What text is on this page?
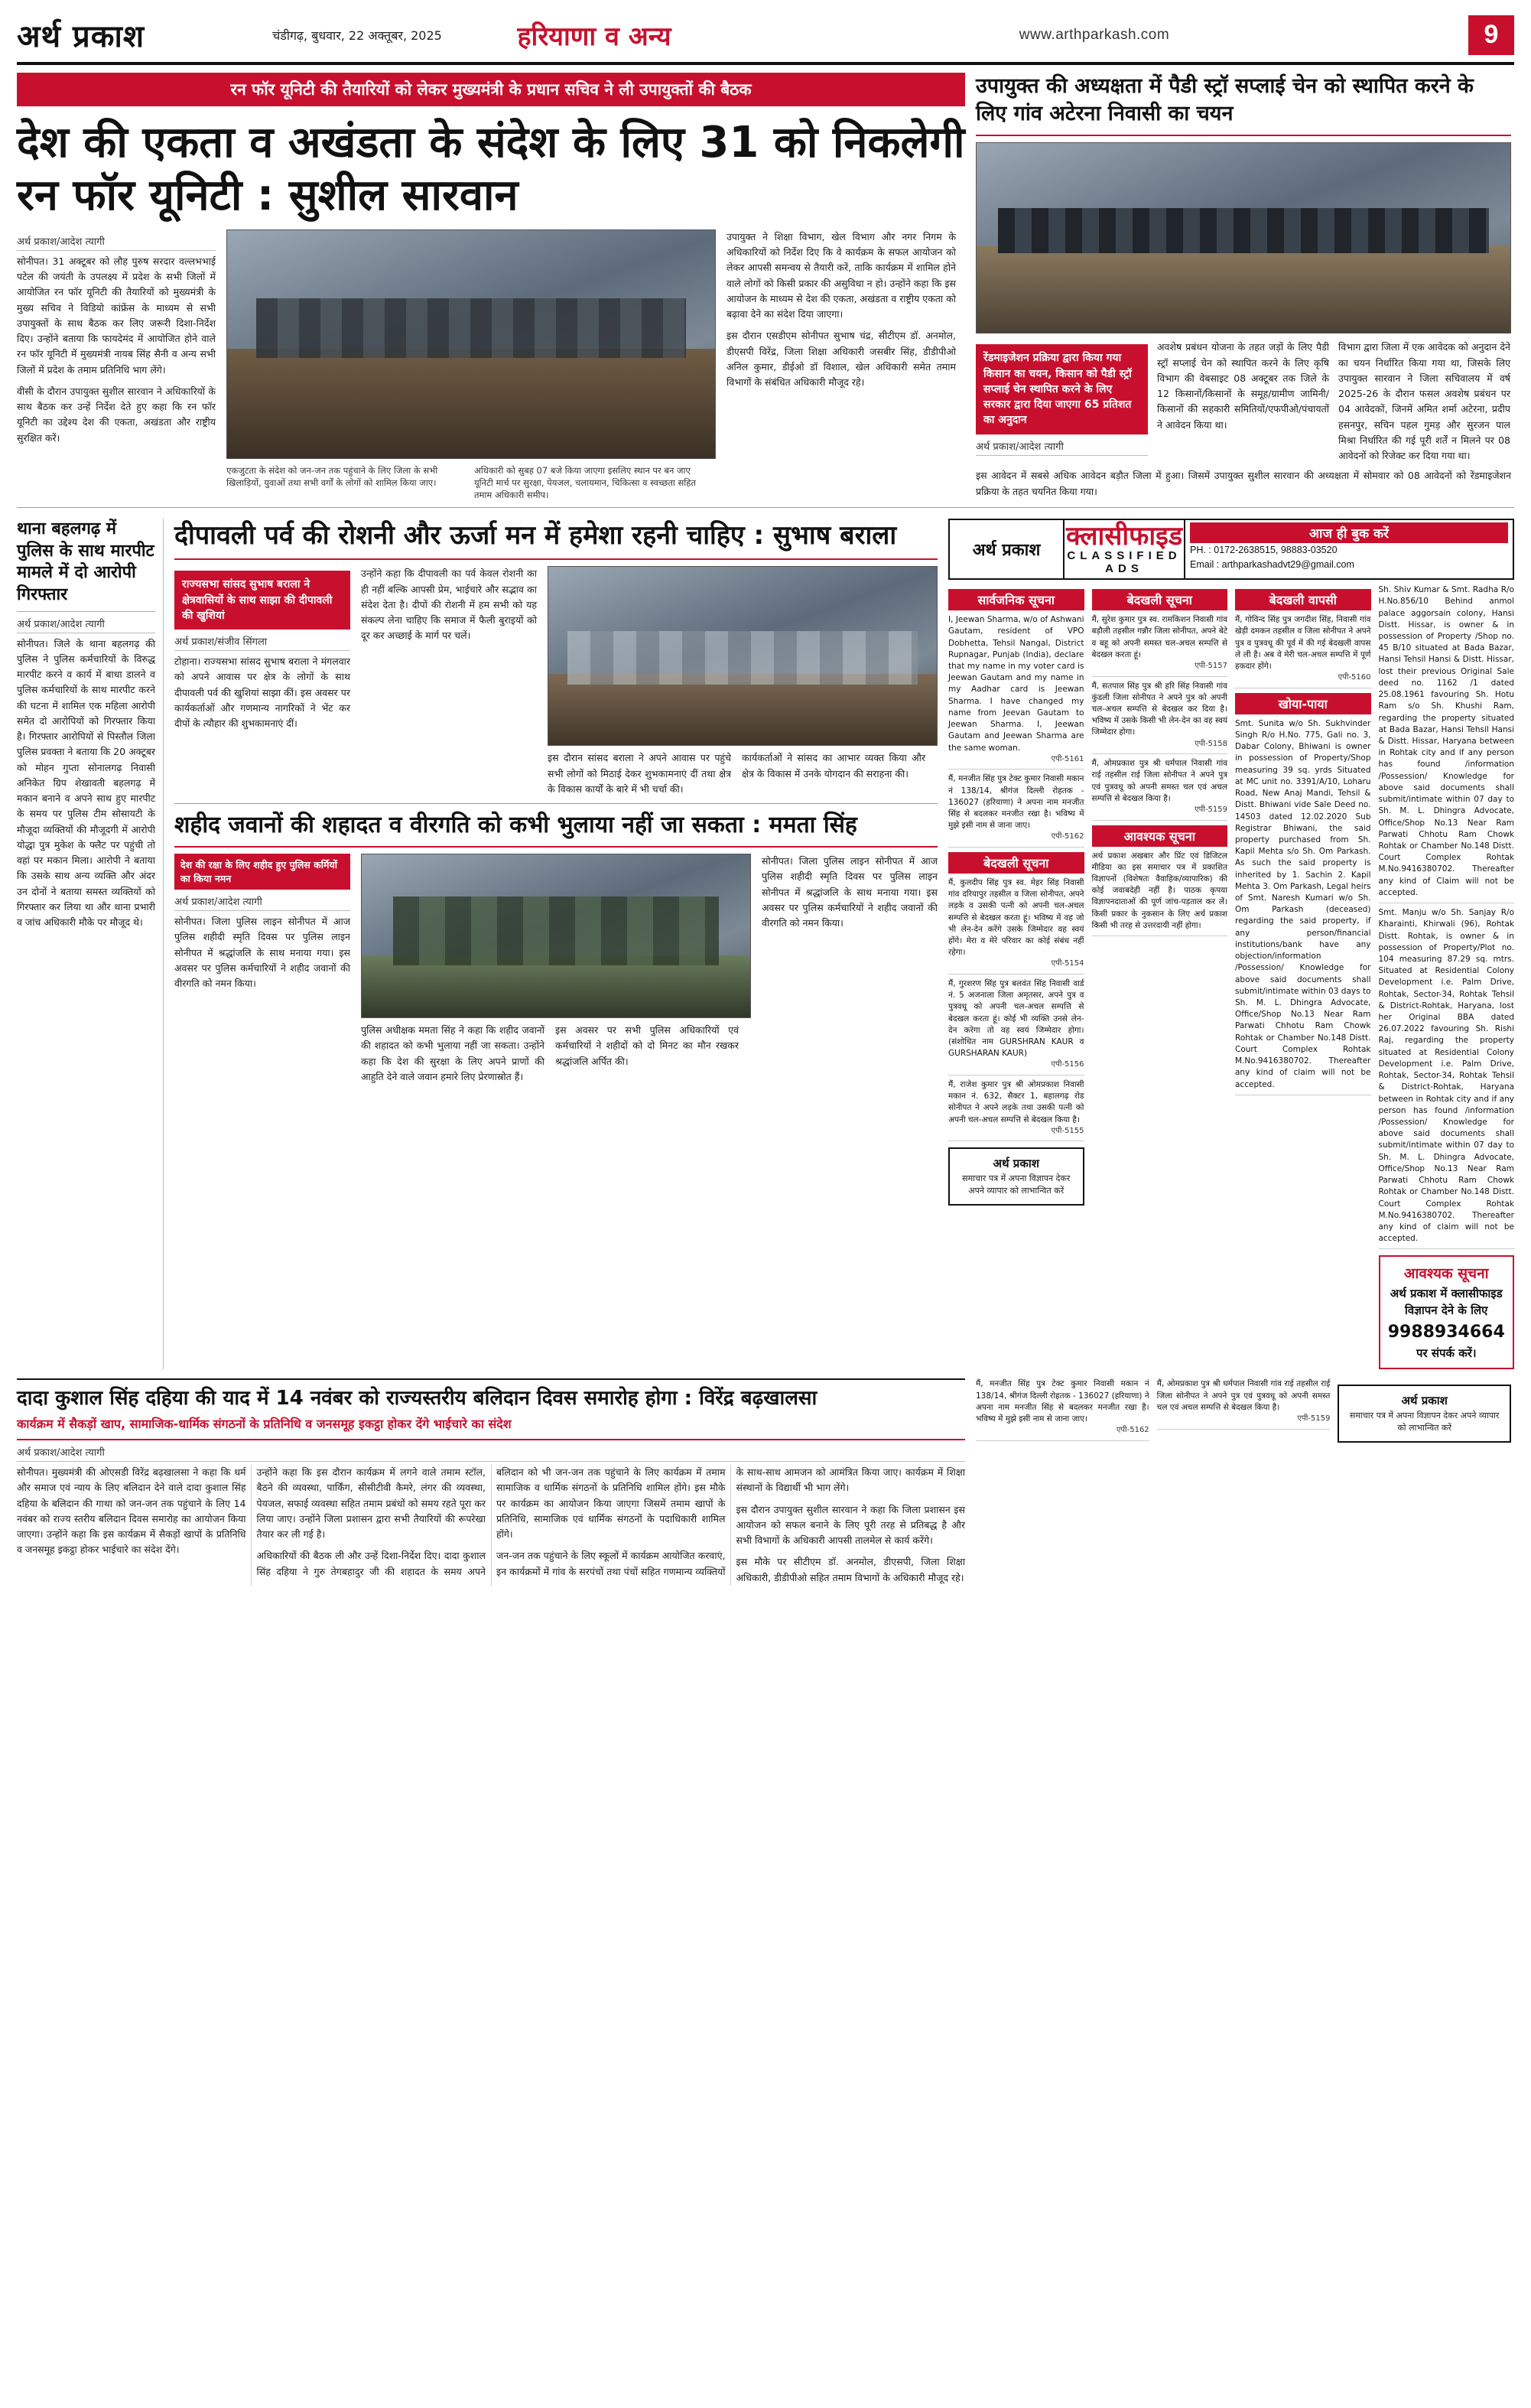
अर्थ प्रकाश	चंडीगढ़, बुधवार, 22 अक्तूबर, 2025	हरियाणा व अन्य	www.arthparkash.com	9
रन फॉर यूनिटी की तैयारियों को लेकर मुख्यमंत्री के प्रधान सचिव ने ली उपायुक्तों की बैठक
देश की एकता व अखंडता के संदेश के लिए 31 को निकलेगी रन फॉर यूनिटी : सुशील सारवान
अर्थ प्रकाश/आदेश त्यागी
सोनीपत। 31 अक्टूबर को लौह पुरुष सरदार वल्लभभाई पटेल की जयंती के उपलक्ष्य में प्रदेश के सभी जिलों में आयोजित रन फॉर यूनिटी की तैयारियों को मुख्यमंत्री के मुख्य सचिव ने विडियो कांफ्रेंस के माध्यम से सभी उपायुक्तों के साथ बैठक कर लिए जरूरी दिशा-निर्देश दिए। उन्होंने बताया कि फायदेमंद में आयोजित होने वाले रन फॉर यूनिटी में मुख्यमंत्री नायब सिंह सैनी व अन्य सभी जिलों में प्रदेश के तमाम प्रतिनिधि भाग लेंगे।
वीसी के दौरान उपायुक्त सुशील सारवान ने अधिकारियों के साथ बैठक कर उन्हें निर्देश देते हुए कहा कि रन फॉर यूनिटी का उद्देश्य देश की एकता, अखंडता और राष्ट्रीय सुरक्षित करें।
एकजुटता के संदेश को जन-जन तक पहुंचाने के लिए जिला के सभी खिलाड़ियों, युवाओं तथा सभी वर्गों के लोगों को शामिल किया जाए।
अधिकारी को सुबह 07 बजे किया जाएगा इसलिए स्थान पर बन जाए यूनिटी मार्च पर सुरक्षा, पेयजल, चलायमान, चिकित्सा व स्वच्छता सहित तमाम अधिकारी समीप।
उपायुक्त ने शिक्षा विभाग, खेल विभाग और नगर निगम के अधिकारियों को निर्देश दिए कि वे कार्यक्रम के सफल आयोजन को लेकर आपसी समन्वय से तैयारी करें, ताकि कार्यक्रम में शामिल होने वाले लोगों को किसी प्रकार की असुविधा न हो। उन्होंने कहा कि इस आयोजन के माध्यम से देश की एकता, अखंडता व राष्ट्रीय एकता को बढ़ावा देने का संदेश दिया जाएगा।
इस दौरान एसडीएम सोनीपत सुभाष चंद्र, सीटीएम डॉ. अनमोल, डीएसपी विरेंद्र, जिला शिक्षा अधिकारी जसबीर सिंह, डीडीपीओ अनिल कुमार, डीईओ डॉ विशाल, खेल अधिकारी समेत तमाम विभागों के संबंधित अधिकारी मौजूद रहे।
उपायुक्त की अध्यक्षता में पैडी स्ट्रॉ सप्लाई चेन को स्थापित करने के लिए गांव अटेरना निवासी का चयन
रेंडमाइजेशन प्रक्रिया द्वारा किया गया किसान का चयन, किसान को पैडी स्ट्रॉ सप्लाई चेन स्थापित करने के लिए सरकार द्वारा दिया जाएगा 65 प्रतिशत का अनुदान
अर्थ प्रकाश/आदेश त्यागी
अवशेष प्रबंधन योजना के तहत जड़ों के लिए पैडी स्ट्रॉ सप्लाई चेन को स्थापित करने के लिए कृषि विभाग की वेबसाइट 08 अक्टूबर तक जिले के 12 किसानों/किसानों के समूह/ग्रामीण जामिनी/किसानों की सहकारी समितियों/एफपीओ/पंचायतों ने आवेदन किया था।
विभाग द्वारा जिला में एक आवेदक को अनुदान देने का चयन निर्धारित किया गया था, जिसके लिए उपायुक्त सारवान ने जिला सचिवालय में वर्ष 2025-26 के दौरान फसल अवशेष प्रबंधन पर 04 आवेदकों, जिनमें अमित शर्मा अटेरना, प्रदीप हसनपुर, सचिन पहल गुमड़ और सुरजन पाल मिश्रा निर्धारित की गई पूरी शर्तें न मिलने पर 08 आवेदनों को रिजेक्ट कर दिया गया था।
इस आवेदन में सबसे अधिक आवेदन बड़ौत जिला में हुआ। जिसमें उपायुक्त सुशील सारवान की अध्यक्षता में सोमवार को 08 आवेदनों को रेंडमाइजेशन प्रक्रिया के तहत चयनित किया गया।
थाना बहलगढ़ में पुलिस के साथ मारपीट मामले में दो आरोपी गिरफ्तार
अर्थ प्रकाश/आदेश त्यागी
सोनीपत। जिले के थाना बहलगढ़ की पुलिस ने पुलिस कर्मचारियों के विरुद्ध मारपीट करने व कार्य में बाधा डालने व पुलिस कर्मचारियों के साथ मारपीट करने की घटना में शामिल एक महिला आरोपी समेत दो आरोपियों को गिरफ्तार किया है। गिरफ्तार आरोपियों से पिस्तौल जिला पुलिस प्रवक्ता ने बताया कि 20 अक्टूबर को मोहन गुप्ता सोनालगढ़ निवासी अनिकेत ग्रिप शेखावती बहलगढ़ में मकान बनाने व अपने साथ हुए मारपीट के समय पर पुलिस टीम सोसायटी के मौजूदा व्यक्तियों की मौजूदगी में आरोपी योद्धा पुत्र मुकेश के फ्लैट पर पहुंची तो वहां पर मकान मिला। आरोपी ने बताया कि उसके साथ अन्य व्यक्ति और अंदर उन दोनों ने बताया समस्त व्यक्तियों को गिरफ्तार कर लिया था और थाना प्रभारी व जांच अधिकारी मौके पर मौजूद थे।
दीपावली पर्व की रोशनी और ऊर्जा मन में हमेशा रहनी चाहिए : सुभाष बराला
राज्यसभा सांसद सुभाष बराला ने क्षेत्रवासियों के साथ साझा की दीपावली की खुशियां
अर्थ प्रकाश/संजीव सिंगला
टोहाना। राज्यसभा सांसद सुभाष बराला ने मंगलवार को अपने आवास पर क्षेत्र के लोगों के साथ दीपावली पर्व की खुशियां साझा कीं। इस अवसर पर कार्यकर्ताओं और गणमान्य नागरिकों ने भेंट कर दीपों के त्यौहार की शुभकामनाएं दीं।
उन्होंने कहा कि दीपावली का पर्व केवल रोशनी का ही नहीं बल्कि आपसी प्रेम, भाईचारे और सद्भाव का संदेश देता है। दीपों की रोशनी में हम सभी को यह संकल्प लेना चाहिए कि समाज में फैली बुराइयों को दूर कर अच्छाई के मार्ग पर चलें।
इस दौरान सांसद बराला ने अपने आवास पर पहुंचे सभी लोगों को मिठाई देकर शुभकामनाएं दीं तथा क्षेत्र के विकास कार्यों के बारे में भी चर्चा की।
कार्यकर्ताओं ने सांसद का आभार व्यक्त किया और क्षेत्र के विकास में उनके योगदान की सराहना की।
शहीद जवानों की शहादत व वीरगति को कभी भुलाया नहीं जा सकता : ममता सिंह
देश की रक्षा के लिए शहीद हुए पुलिस कर्मियों का किया नमन
अर्थ प्रकाश/आदेश त्यागी
सोनीपत। जिला पुलिस लाइन सोनीपत में आज पुलिस शहीदी स्मृति दिवस पर पुलिस लाइन सोनीपत में श्रद्धांजलि के साथ मनाया गया। इस अवसर पर पुलिस कर्मचारियों ने शहीद जवानों की वीरगति को नमन किया।
पुलिस अधीक्षक ममता सिंह ने कहा कि शहीद जवानों की शहादत को कभी भुलाया नहीं जा सकता। उन्होंने कहा कि देश की सुरक्षा के लिए अपने प्राणों की आहुति देने वाले जवान हमारे लिए प्रेरणास्रोत हैं।
इस अवसर पर सभी पुलिस अधिकारियों एवं कर्मचारियों ने शहीदों को दो मिनट का मौन रखकर श्रद्धांजलि अर्पित की।
सोनीपत। जिला पुलिस लाइन सोनीपत में आज पुलिस शहीदी स्मृति दिवस पर पुलिस लाइन सोनीपत में श्रद्धांजलि के साथ मनाया गया। इस अवसर पर पुलिस कर्मचारियों ने शहीद जवानों की वीरगति को नमन किया।
अर्थ प्रकाश क्लासीफाइड
CLASSIFIED ADS
आज ही बुक करें
PH. : 0172-2638515, 98883-03520
Email : arthparkashadvt29@gmail.com
सार्वजनिक सूचना
I, Jeewan Sharma, w/o of Ashwani Gautam, resident of VPO Dobhetta, Tehsil Nangal, District Rupnagar, Punjab (India), declare that my name in my voter card is Jeewan Gautam and my name in my Aadhar card is Jeewan Sharma. I have changed my name from Jeevan Gautam to Jeewan Sharma. I, Jeewan Gautam and Jeewan Sharma are the same woman.
एपी-5161
मैं, मनजीत सिंह पुत्र टेक्ट कुमार निवासी मकान नं 138/14, श्रीगंज दिल्ली रोहतक - 136027 (हरियाणा) ने अपना नाम मनजीत सिंह से बदलकर मनजीत रखा है। भविष्य में मुझे इसी नाम से जाना जाए।
एपी-5162
बेदखली सूचना
मैं, कुलदीप सिंह पुत्र स्व. मेहर सिंह निवासी गांव दरियापुर तहसील व जिला सोनीपत, अपने लड़के व उसकी पत्नी को अपनी चल-अचल सम्पत्ति से बेदखल करता हूं। भविष्य में वह जो भी लेन-देन करेंगे उसके जिम्मेदार वह स्वयं होंगे। मेरा व मेरे परिवार का कोई संबंध नहीं रहेगा।
एपी-5154
मैं, गुरशरण सिंह पुत्र बलवंत सिंह निवासी वार्ड नं. 5 अजनाला जिला अमृतसर, अपने पुत्र व पुत्रवधू को अपनी चल-अचल सम्पत्ति से बेदखल करता हूं। कोई भी व्यक्ति उनसे लेन-देन करेगा तो वह स्वयं जिम्मेदार होगा। (संशोधित नाम GURSHRAN KAUR व GURSHARAN KAUR)
एपी-5156
मैं, राजेश कुमार पुत्र श्री ओमप्रकाश निवासी मकान नं. 632, सैक्टर 1, बहालगढ़ रोड सोनीपत ने अपने लड़के तथा उसकी पत्नी को अपनी चल-अचल सम्पत्ति से बेदखल किया है।
एपी-5155
अर्थ प्रकाश
समाचार पत्र में अपना विज्ञापन देकर अपने व्यापार को लाभान्वित करें
बेदखली सूचना
मैं, सुरेश कुमार पुत्र स्व. रामकिशन निवासी गांव बड़ौली तहसील गन्नौर जिला सोनीपत, अपने बेटे व बहू को अपनी समस्त चल-अचल सम्पत्ति से बेदखल करता हूं।
एपी-5157
मैं, सतपाल सिंह पुत्र श्री हरि सिंह निवासी गांव कुंडली जिला सोनीपत ने अपने पुत्र को अपनी चल-अचल सम्पत्ति से बेदखल कर दिया है। भविष्य में उसके किसी भी लेन-देन का वह स्वयं जिम्मेदार होगा।
एपी-5158
मैं, ओमप्रकाश पुत्र श्री धर्मपाल निवासी गांव राई तहसील राई जिला सोनीपत ने अपने पुत्र एवं पुत्रवधू को अपनी समस्त चल एवं अचल सम्पत्ति से बेदखल किया है।
एपी-5159
आवश्यक सूचना
अर्थ प्रकाश अखबार और प्रिंट एवं डिजिटल मीडिया का इस समाचार पत्र में प्रकाशित विज्ञापनों (विशेषतः वैवाहिक/व्यापारिक) की कोई जवाबदेही नहीं है। पाठक कृपया विज्ञापनदाताओं की पूर्ण जांच-पड़ताल कर लें। किसी प्रकार के नुकसान के लिए अर्थ प्रकाश किसी भी तरह से उत्तरदायी नहीं होगा।
बेदखली वापसी
मैं, गोविन्द सिंह पुत्र जगदीश सिंह, निवासी गांव खेड़ी दमकन तहसील व जिला सोनीपत ने अपने पुत्र व पुत्रवधू की पूर्व में की गई बेदखली वापस ले ली है। अब वे मेरी चल-अचल सम्पत्ति में पूर्ण हकदार होंगे।
एपी-5160
खोया-पाया
Smt. Sunita w/o Sh. Sukhvinder Singh R/o H.No. 775, Gali no. 3, Dabar Colony, Bhiwani is owner in possession of Property/Shop measuring 39 sq. yrds Situated at MC unit no. 3391/A/10, Loharu Road, New Anaj Mandi, Tehsil & Distt. Bhiwani vide Sale Deed no. 14503 dated 12.02.2020 Sub Registrar Bhiwani, the said property purchased from Sh. Kapil Mehta s/o Sh. Om Parkash. As such the said property is inherited by 1. Sachin 2. Kapil Mehta 3. Om Parkash, Legal heirs of Smt. Naresh Kumari w/o Sh. Om Parkash (deceased) regarding the said property, if any person/financial institutions/bank have any objection/information /Possession/ Knowledge for above said documents shall submit/intimate within 03 days to Sh. M. L. Dhingra Advocate, Office/Shop No.13 Near Ram Parwati Chhotu Ram Chowk Rohtak or Chamber No.148 Distt. Court Complex Rohtak M.No.9416380702. Thereafter any kind of claim will not be accepted.
Sh. Shiv Kumar & Smt. Radha R/o H.No.856/10 Behind anmol palace aggorsain colony, Hansi Distt. Hissar, is owner & in possession of Property /Shop no. 45 B/10 situated at Bada Bazar, Hansi Tehsil Hansi & Distt. Hissar, lost their previous Original Sale deed no. 1162 /1 dated 25.08.1961 favouring Sh. Hotu Ram s/o Sh. Khushi Ram, regarding the property situated at Bada Bazar, Hansi Tehsil Hansi & Distt. Hissar, Haryana between in Rohtak city and if any person has found /information /Possession/ Knowledge for above said documents shall submit/intimate within 07 day to Sh. M. L. Dhingra Advocate, Office/Shop No.13 Near Ram Parwati Chhotu Ram Chowk Rohtak or Chamber No.148 Distt. Court Complex Rohtak M.No.9416380702. Thereafter any kind of Claim will not be accepted.
Smt. Manju w/o Sh. Sanjay R/o Kharainti, Khirwali (96), Rohtak Distt. Rohtak, is owner & in possession of Property/Plot no. 104 measuring 87.29 sq. mtrs. Situated at Residential Colony Development i.e. Palm Drive, Rohtak, Sector-34, Rohtak Tehsil & District-Rohtak, Haryana, lost her Original BBA dated 26.07.2022 favouring Sh. Rishi Raj, regarding the property situated at Residential Colony Development i.e. Palm Drive, Rohtak, Sector-34, Rohtak Tehsil & District-Rohtak, Haryana between in Rohtak city and if any person has found /information /Possession/ Knowledge for above said documents shall submit/intimate within 07 day to Sh. M. L. Dhingra Advocate, Office/Shop No.13 Near Ram Parwati Chhotu Ram Chowk Rohtak or Chamber No.148 Distt. Court Complex Rohtak M.No.9416380702. Thereafter any kind of claim will not be accepted.
आवश्यक सूचना
अर्थ प्रकाश में क्लासीफाइड विज्ञापन देने के लिए
9988934664
पर संपर्क करें।
दादा कुशाल सिंह दहिया की याद में 14 नवंबर को राज्यस्तरीय बलिदान दिवस समारोह होगा : विरेंद्र बढ़खालसा
कार्यक्रम में सैकड़ों खाप, सामाजिक-धार्मिक संगठनों के प्रतिनिधि व जनसमूह इकट्ठा होकर देंगे भाईचारे का संदेश
अर्थ प्रकाश/आदेश त्यागी
सोनीपत। मुख्यमंत्री की ओएसडी विरेंद्र बढ़खालसा ने कहा कि धर्म और समाज एवं न्याय के लिए बलिदान देने वाले दादा कुशाल सिंह दहिया के बलिदान की गाथा को जन-जन तक पहुंचाने के लिए 14 नवंबर को राज्य स्तरीय बलिदान दिवस समारोह का आयोजन किया जाएगा। उन्होंने कहा कि इस कार्यक्रम में सैकड़ों खापों के प्रतिनिधि व जनसमूह इकट्ठा होकर भाईचारे का संदेश देंगे।
उन्होंने कहा कि इस दौरान कार्यक्रम में लगने वाले तमाम स्टॉल, बैठने की व्यवस्था, पार्किंग, सीसीटीवी कैमरे, लंगर की व्यवस्था, पेयजल, सफाई व्यवस्था सहित तमाम प्रबंधों को समय रहते पूरा कर लिया जाए। उन्होंने जिला प्रशासन द्वारा सभी तैयारियों की रूपरेखा तैयार कर ली गई है।
अधिकारियों की बैठक ली और उन्हें दिशा-निर्देश दिए। दादा कुशाल सिंह दहिया ने गुरु तेगबहादुर जी की शहादत के समय अपने बलिदान को भी जन-जन तक पहुंचाने के लिए कार्यक्रम में तमाम सामाजिक व धार्मिक संगठनों के प्रतिनिधि शामिल होंगे। इस मौके पर कार्यक्रम का आयोजन किया जाएगा जिसमें तमाम खापों के प्रतिनिधि, सामाजिक एवं धार्मिक संगठनों के पदाधिकारी शामिल होंगे।
जन-जन तक पहुंचाने के लिए स्कूलों में कार्यक्रम आयोजित करवाएं, इन कार्यक्रमों में गांव के सरपंचों तथा पंचों सहित गणमान्य व्यक्तियों के साथ-साथ आमजन को आमंत्रित किया जाए। कार्यक्रम में शिक्षा संस्थानों के विद्यार्थी भी भाग लेंगे।
इस दौरान उपायुक्त सुशील सारवान ने कहा कि जिला प्रशासन इस आयोजन को सफल बनाने के लिए पूरी तरह से प्रतिबद्ध है और सभी विभागों के अधिकारी आपसी तालमेल से कार्य करेंगे।
इस मौके पर सीटीएम डॉ. अनमोल, डीएसपी, जिला शिक्षा अधिकारी, डीडीपीओ सहित तमाम विभागों के अधिकारी मौजूद रहे।
मैं, मनजीत सिंह पुत्र टेक्ट कुमार निवासी मकान नं 138/14, श्रीगंज दिल्ली रोहतक - 136027 (हरियाणा) ने अपना नाम मनजीत सिंह से बदलकर मनजीत रखा है। भविष्य में मुझे इसी नाम से जाना जाए।
एपी-5162
मैं, ओमप्रकाश पुत्र श्री धर्मपाल निवासी गांव राई तहसील राई जिला सोनीपत ने अपने पुत्र एवं पुत्रवधू को अपनी समस्त चल एवं अचल सम्पत्ति से बेदखल किया है।
एपी-5159
अर्थ प्रकाश
समाचार पत्र में अपना विज्ञापन देकर अपने व्यापार को लाभान्वित करें
